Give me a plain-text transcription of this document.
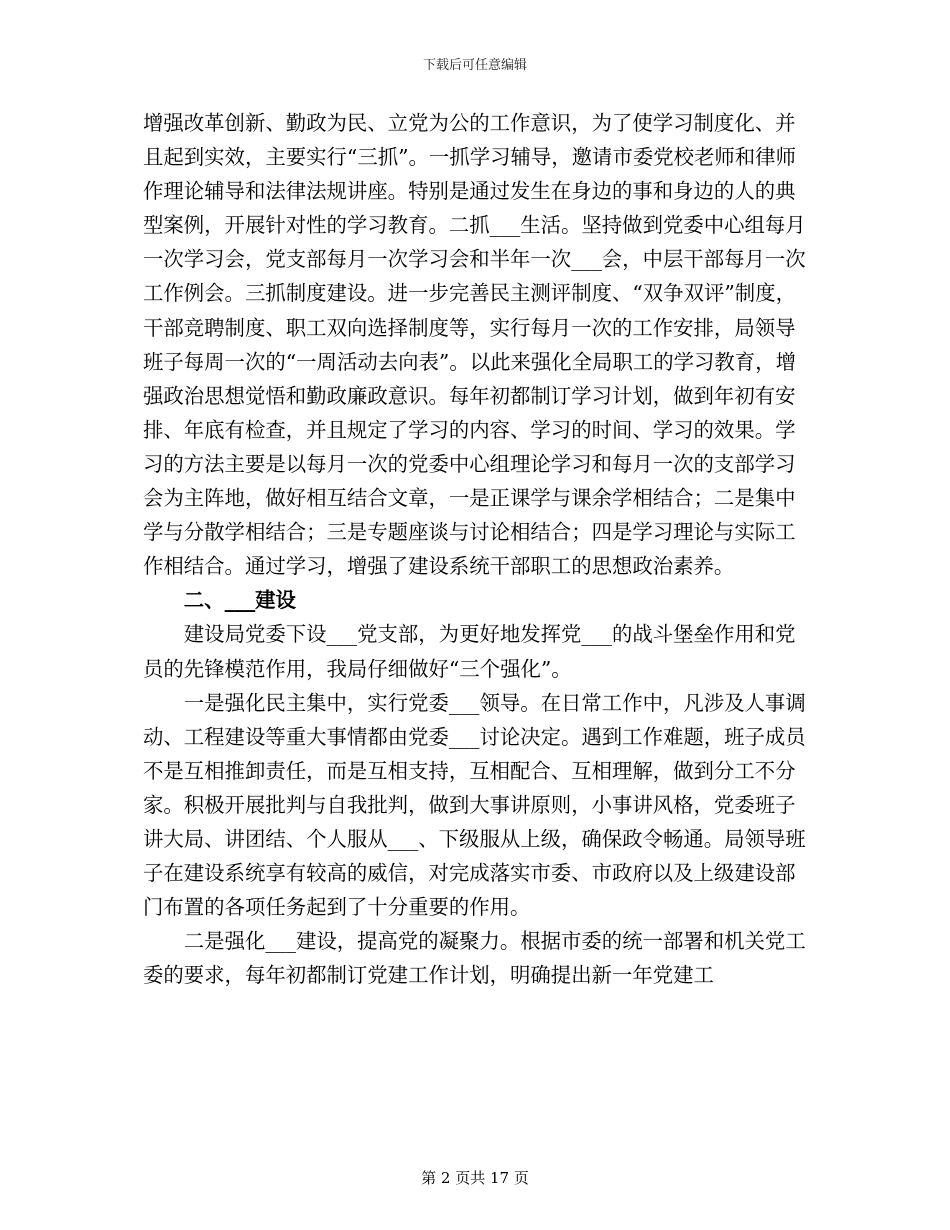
下载后可任意编辑

增强改革创新、勤政为民、立党为公的工作意识，为了使学习制度化、并且起到实效，主要实行“三抓”。一抓学习辅导，邀请市委党校老师和律师作理论辅导和法律法规讲座。特别是通过发生在身边的事和身边的人的典型案例，开展针对性的学习教育。二抓___生活。坚持做到党委中心组每月一次学习会，党支部每月一次学习会和半年一次___会，中层干部每月一次工作例会。三抓制度建设。进一步完善民主测评制度、“双争双评”制度，干部竞聘制度、职工双向选择制度等，实行每月一次的工作安排，局领导班子每周一次的“一周活动去向表”。以此来强化全局职工的学习教育，增强政治思想觉悟和勤政廉政意识。每年初都制订学习计划，做到年初有安排、年底有检查，并且规定了学习的内容、学习的时间、学习的效果。学习的方法主要是以每月一次的党委中心组理论学习和每月一次的支部学习会为主阵地，做好相互结合文章，一是正课学与课余学相结合；二是集中学与分散学相结合；三是专题座谈与讨论相结合；四是学习理论与实际工作相结合。通过学习，增强了建设系统干部职工的思想政治素养。

二、___建设

建设局党委下设___党支部，为更好地发挥党___的战斗堡垒作用和党员的先锋模范作用，我局仔细做好“三个强化”。

一是强化民主集中，实行党委___领导。在日常工作中，凡涉及人事调动、工程建设等重大事情都由党委___讨论决定。遇到工作难题，班子成员不是互相推卸责任，而是互相支持，互相配合、互相理解，做到分工不分家。积极开展批判与自我批判，做到大事讲原则，小事讲风格，党委班子讲大局、讲团结、个人服从___、下级服从上级，确保政令畅通。局领导班子在建设系统享有较高的威信，对完成落实市委、市政府以及上级建设部门布置的各项任务起到了十分重要的作用。

二是强化___建设，提高党的凝聚力。根据市委的统一部署和机关党工委的要求，每年初都制订党建工作计划，明确提出新一年党建工

第 2 页共 17 页
